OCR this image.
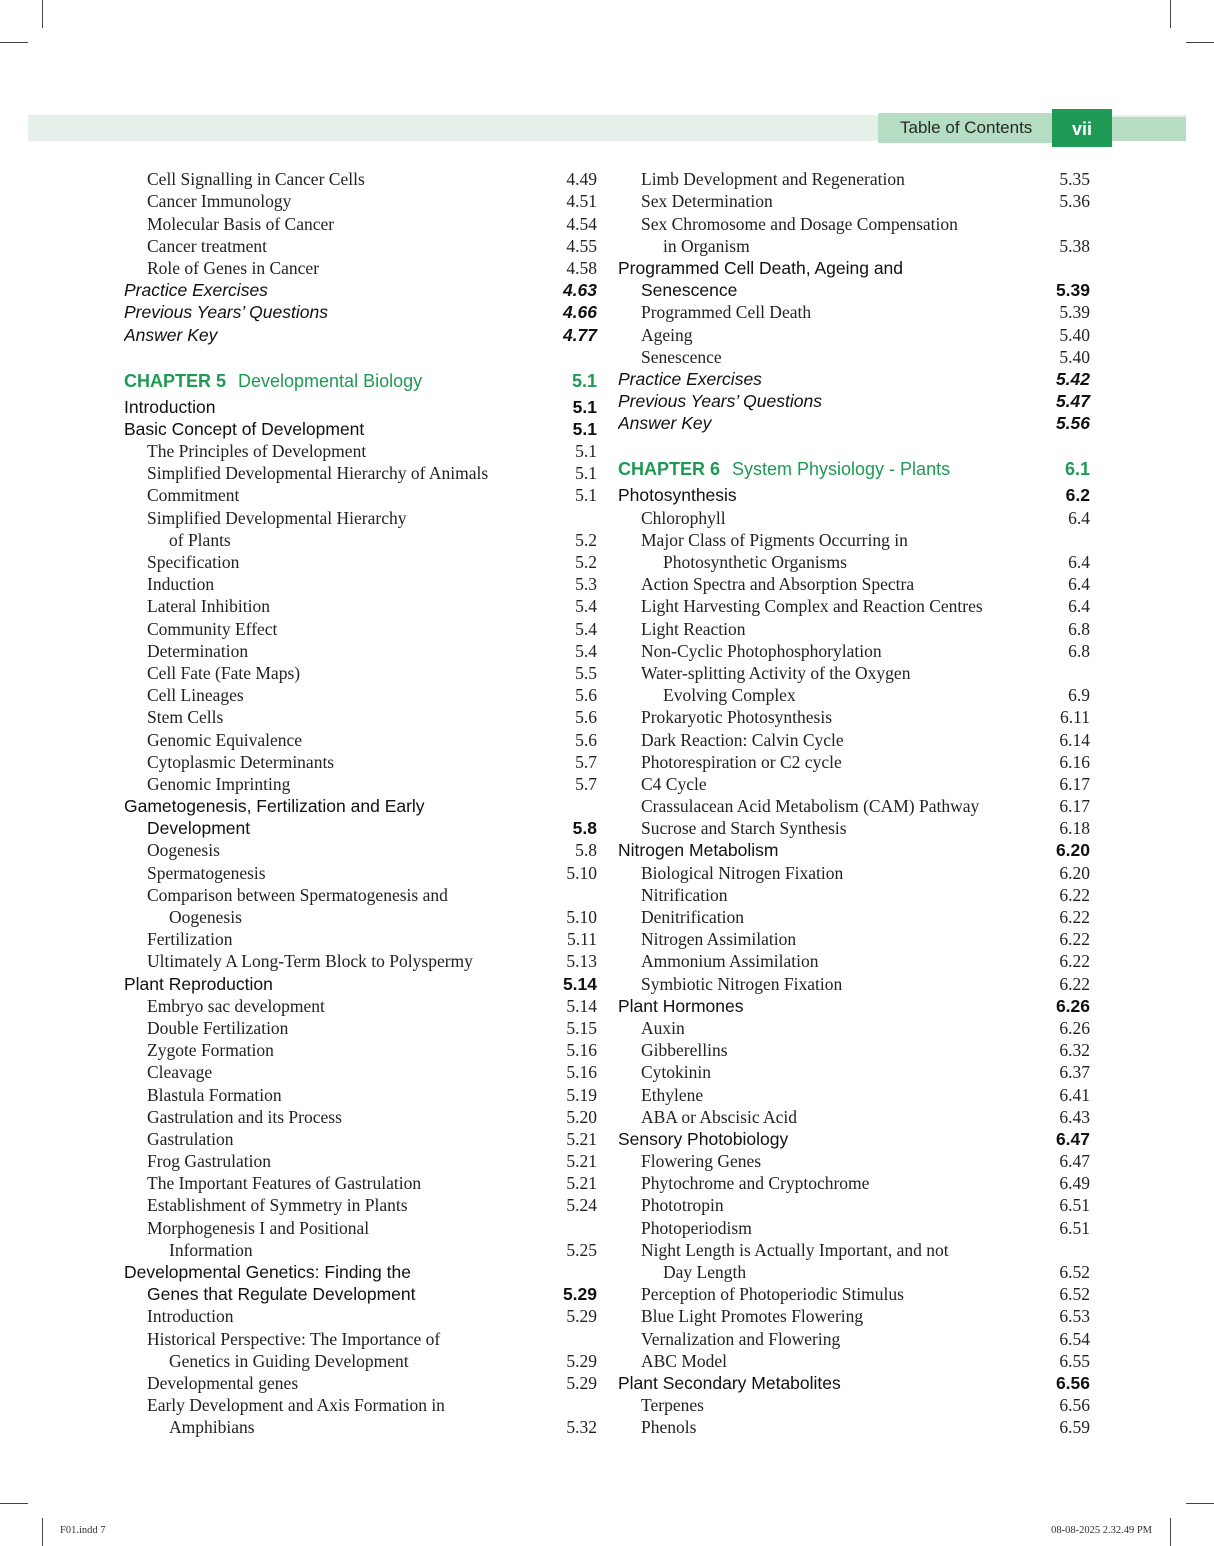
Table of Contents	vii
Cell Signalling in Cancer Cells	4.49
Cancer Immunology	4.51
Molecular Basis of Cancer	4.54
Cancer treatment	4.55
Role of Genes in Cancer	4.58
Practice Exercises	4.63
Previous Years’ Questions	4.66
Answer Key	4.77
CHAPTER 5 Developmental Biology	5.1
Introduction	5.1
Basic Concept of Development	5.1
The Principles of Development	5.1
Simplified Developmental Hierarchy of Animals	5.1
Commitment	5.1
Simplified Developmental Hierarchy
of Plants	5.2
Specification	5.2
Induction	5.3
Lateral Inhibition	5.4
Community Effect	5.4
Determination	5.4
Cell Fate (Fate Maps)	5.5
Cell Lineages	5.6
Stem Cells	5.6
Genomic Equivalence	5.6
Cytoplasmic Determinants	5.7
Genomic Imprinting	5.7
Gametogenesis, Fertilization and Early
Development	5.8
Oogenesis	5.8
Spermatogenesis	5.10
Comparison between Spermatogenesis and
Oogenesis	5.10
Fertilization	5.11
Ultimately A Long-Term Block to Polyspermy	5.13
Plant Reproduction	5.14
Embryo sac development	5.14
Double Fertilization	5.15
Zygote Formation	5.16
Cleavage	5.16
Blastula Formation	5.19
Gastrulation and its Process	5.20
Gastrulation	5.21
Frog Gastrulation	5.21
The Important Features of Gastrulation	5.21
Establishment of Symmetry in Plants	5.24
Morphogenesis I and Positional
Information	5.25
Developmental Genetics: Finding the
Genes that Regulate Development	5.29
Introduction	5.29
Historical Perspective: The Importance of
Genetics in Guiding Development	5.29
Developmental genes	5.29
Early Development and Axis Formation in
Amphibians	5.32
Limb Development and Regeneration	5.35
Sex Determination	5.36
Sex Chromosome and Dosage Compensation
in Organism	5.38
Programmed Cell Death, Ageing and
Senescence	5.39
Programmed Cell Death	5.39
Ageing	5.40
Senescence	5.40
Practice Exercises	5.42
Previous Years’ Questions	5.47
Answer Key	5.56
CHAPTER 6 System Physiology - Plants	6.1
Photosynthesis	6.2
Chlorophyll	6.4
Major Class of Pigments Occurring in
Photosynthetic Organisms	6.4
Action Spectra and Absorption Spectra	6.4
Light Harvesting Complex and Reaction Centres	6.4
Light Reaction	6.8
Non-Cyclic Photophosphorylation	6.8
Water-splitting Activity of the Oxygen
Evolving Complex	6.9
Prokaryotic Photosynthesis	6.11
Dark Reaction: Calvin Cycle	6.14
Photorespiration or C2 cycle	6.16
C4 Cycle	6.17
Crassulacean Acid Metabolism (CAM) Pathway	6.17
Sucrose and Starch Synthesis	6.18
Nitrogen Metabolism	6.20
Biological Nitrogen Fixation	6.20
Nitrification	6.22
Denitrification	6.22
Nitrogen Assimilation	6.22
Ammonium Assimilation	6.22
Symbiotic Nitrogen Fixation	6.22
Plant Hormones	6.26
Auxin	6.26
Gibberellins	6.32
Cytokinin	6.37
Ethylene	6.41
ABA or Abscisic Acid	6.43
Sensory Photobiology	6.47
Flowering Genes	6.47
Phytochrome and Cryptochrome	6.49
Phototropin	6.51
Photoperiodism	6.51
Night Length is Actually Important, and not
Day Length	6.52
Perception of Photoperiodic Stimulus	6.52
Blue Light Promotes Flowering	6.53
Vernalization and Flowering	6.54
ABC Model	6.55
Plant Secondary Metabolites	6.56
Terpenes	6.56
Phenols	6.59
F01.indd 7	08-08-2025 2.32.49 PM
